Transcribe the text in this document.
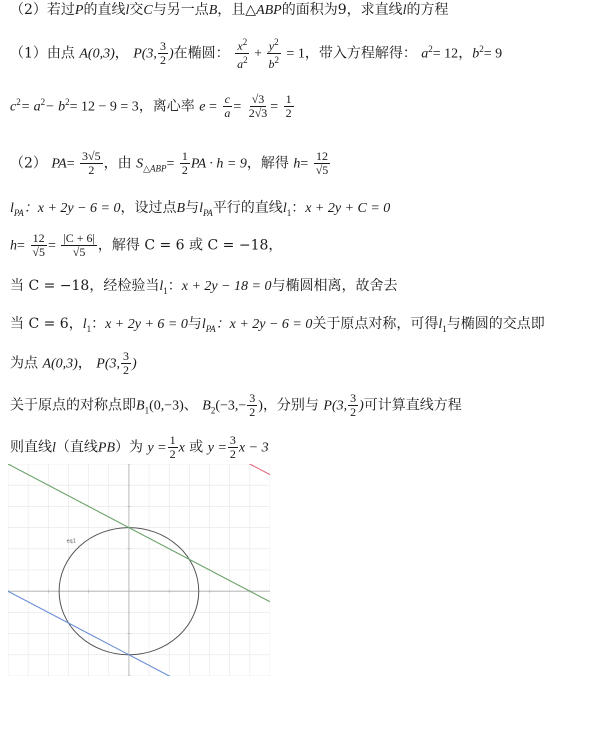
（2）若过P的直线l交C与另一点B，且△ABP的面积为9，求直线l的方程
（1）由点 A(0,3)， P(3, $\frac{3}{2}$ )在椭圆： $\frac{x^2}{a^2} + \frac{y^2}{b^2} = 1$，带入方程解得： $a^2= 12$，$b^2= 9$
$c^2= a^2- b^2= 12 - 9 = 3$，离心率 $e = \frac{c}{a} = \frac{√3}{2√3} = \frac{1}{2}$
（2） $PA= \frac{3√5}{2}$ ，由 $S_{\triangle ABP}= \frac{1}{2}$ PA · h = 9，解得 $h= \frac{12}{√5}$
$l_{PA}$：x + 2y − 6 = 0，设过点B与$l_{PA}$平行的直线$l_1$：x + 2y + C = 0
$h= \frac{12}{√5} = \frac{|C + 6|}{√5}$ ，解得 C = 6 或 C = −18，
当 C = −18，经检验当$l_1$：x + 2y − 18 = 0与椭圆相离，故舍去
当 C = 6，$l_1$：x + 2y + 6 = 0与$l_{PA}$：x + 2y − 6 = 0关于原点对称，可得$l_1$与椭圆的交点即
为点 A(0,3)， P(3, $\frac{3}{2}$ )
关于原点的对称点即$B_1(0,-3)$、 $B_2(-3,- \frac{3}{2}$ )，分别与 P(3, $\frac{3}{2}$ )可计算直线方程
则直线l（直线PB）为 $y = \frac{1}{2}$ x 或 $y = \frac{3}{2}$ x − 3
eq1
